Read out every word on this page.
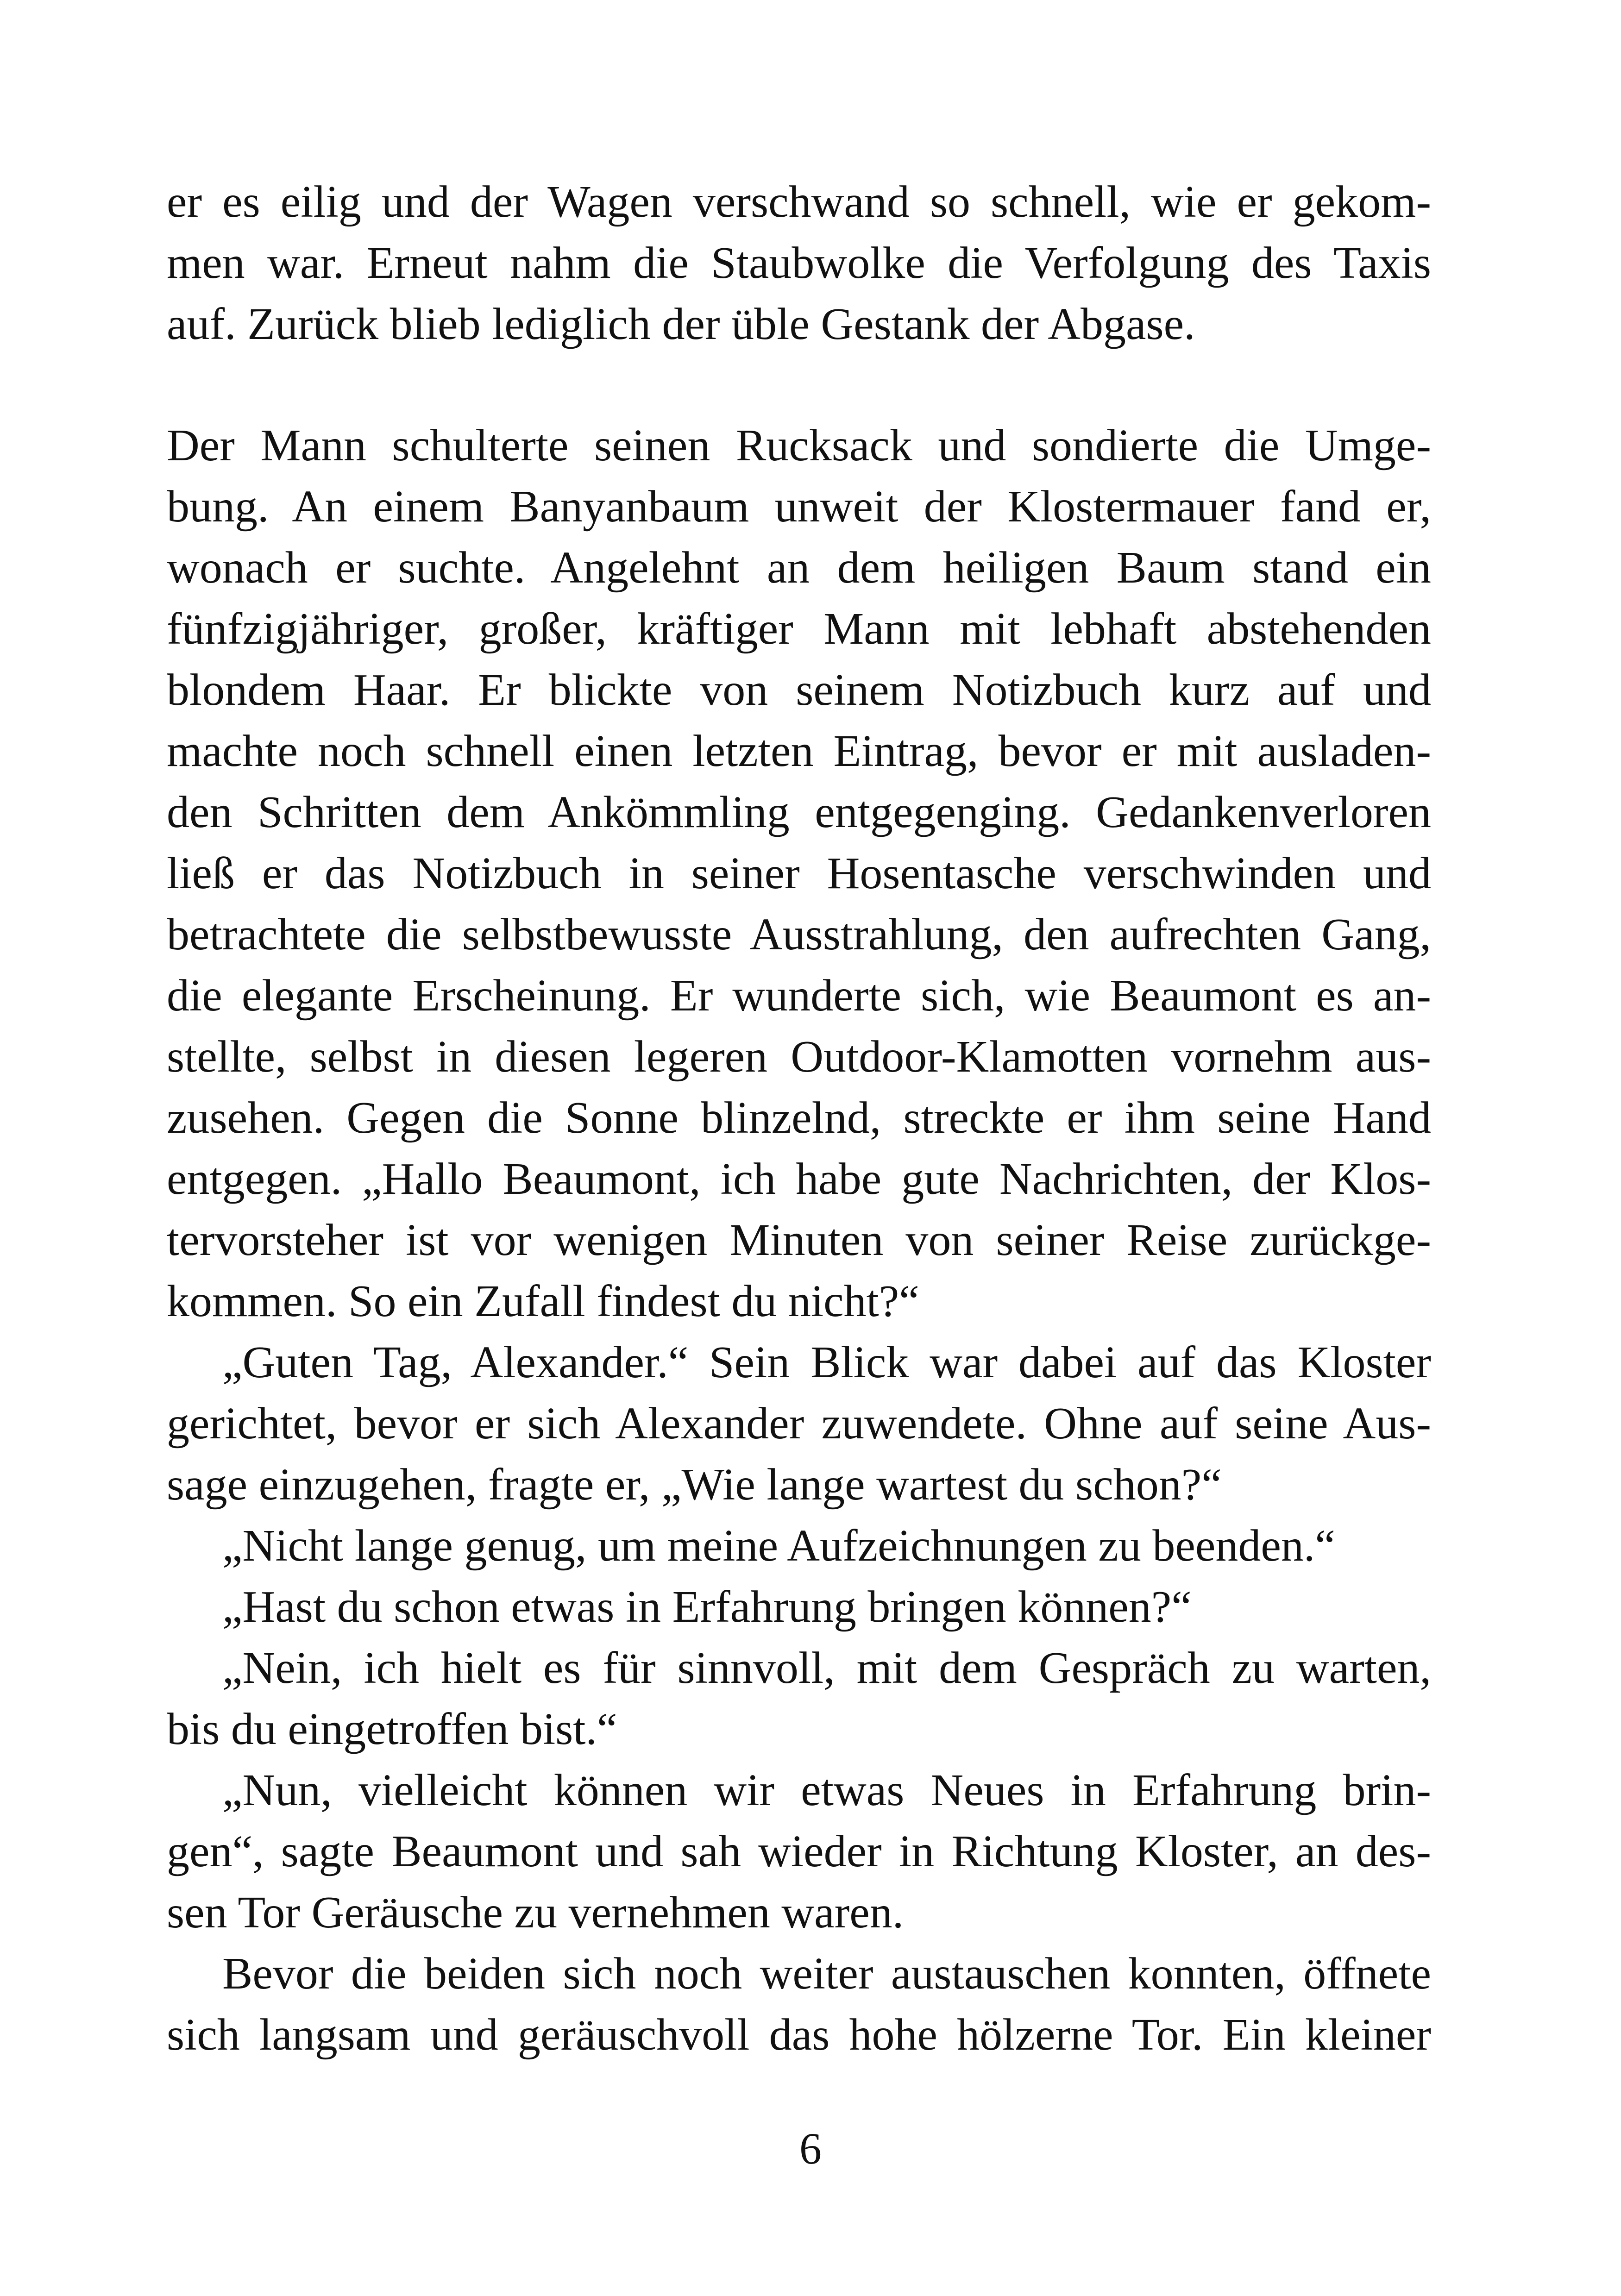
er es eilig und der Wagen verschwand so schnell, wie er gekom-
men war. Erneut nahm die Staubwolke die Verfolgung des Taxis
auf. Zurück blieb lediglich der üble Gestank der Abgase.
Der Mann schulterte seinen Rucksack und sondierte die Umge-
bung. An einem Banyanbaum unweit der Klostermauer fand er,
wonach er suchte. Angelehnt an dem heiligen Baum stand ein
fünfzigjähriger, großer, kräftiger Mann mit lebhaft abstehenden
blondem Haar. Er blickte von seinem Notizbuch kurz auf und
machte noch schnell einen letzten Eintrag, bevor er mit ausladen-
den Schritten dem Ankömmling entgegenging. Gedankenverloren
ließ er das Notizbuch in seiner Hosentasche verschwinden und
betrachtete die selbstbewusste Ausstrahlung, den aufrechten Gang,
die elegante Erscheinung. Er wunderte sich, wie Beaumont es an-
stellte, selbst in diesen legeren Outdoor-Klamotten vornehm aus-
zusehen. Gegen die Sonne blinzelnd, streckte er ihm seine Hand
entgegen. „Hallo Beaumont, ich habe gute Nachrichten, der Klos-
tervorsteher ist vor wenigen Minuten von seiner Reise zurückge-
kommen. So ein Zufall findest du nicht?“
„Guten Tag, Alexander.“ Sein Blick war dabei auf das Kloster
gerichtet, bevor er sich Alexander zuwendete. Ohne auf seine Aus-
sage einzugehen, fragte er, „Wie lange wartest du schon?“
„Nicht lange genug, um meine Aufzeichnungen zu beenden.“
„Hast du schon etwas in Erfahrung bringen können?“
„Nein, ich hielt es für sinnvoll, mit dem Gespräch zu warten,
bis du eingetroffen bist.“
„Nun, vielleicht können wir etwas Neues in Erfahrung brin-
gen“, sagte Beaumont und sah wieder in Richtung Kloster, an des-
sen Tor Geräusche zu vernehmen waren.
Bevor die beiden sich noch weiter austauschen konnten, öffnete
sich langsam und geräuschvoll das hohe hölzerne Tor. Ein kleiner
6
